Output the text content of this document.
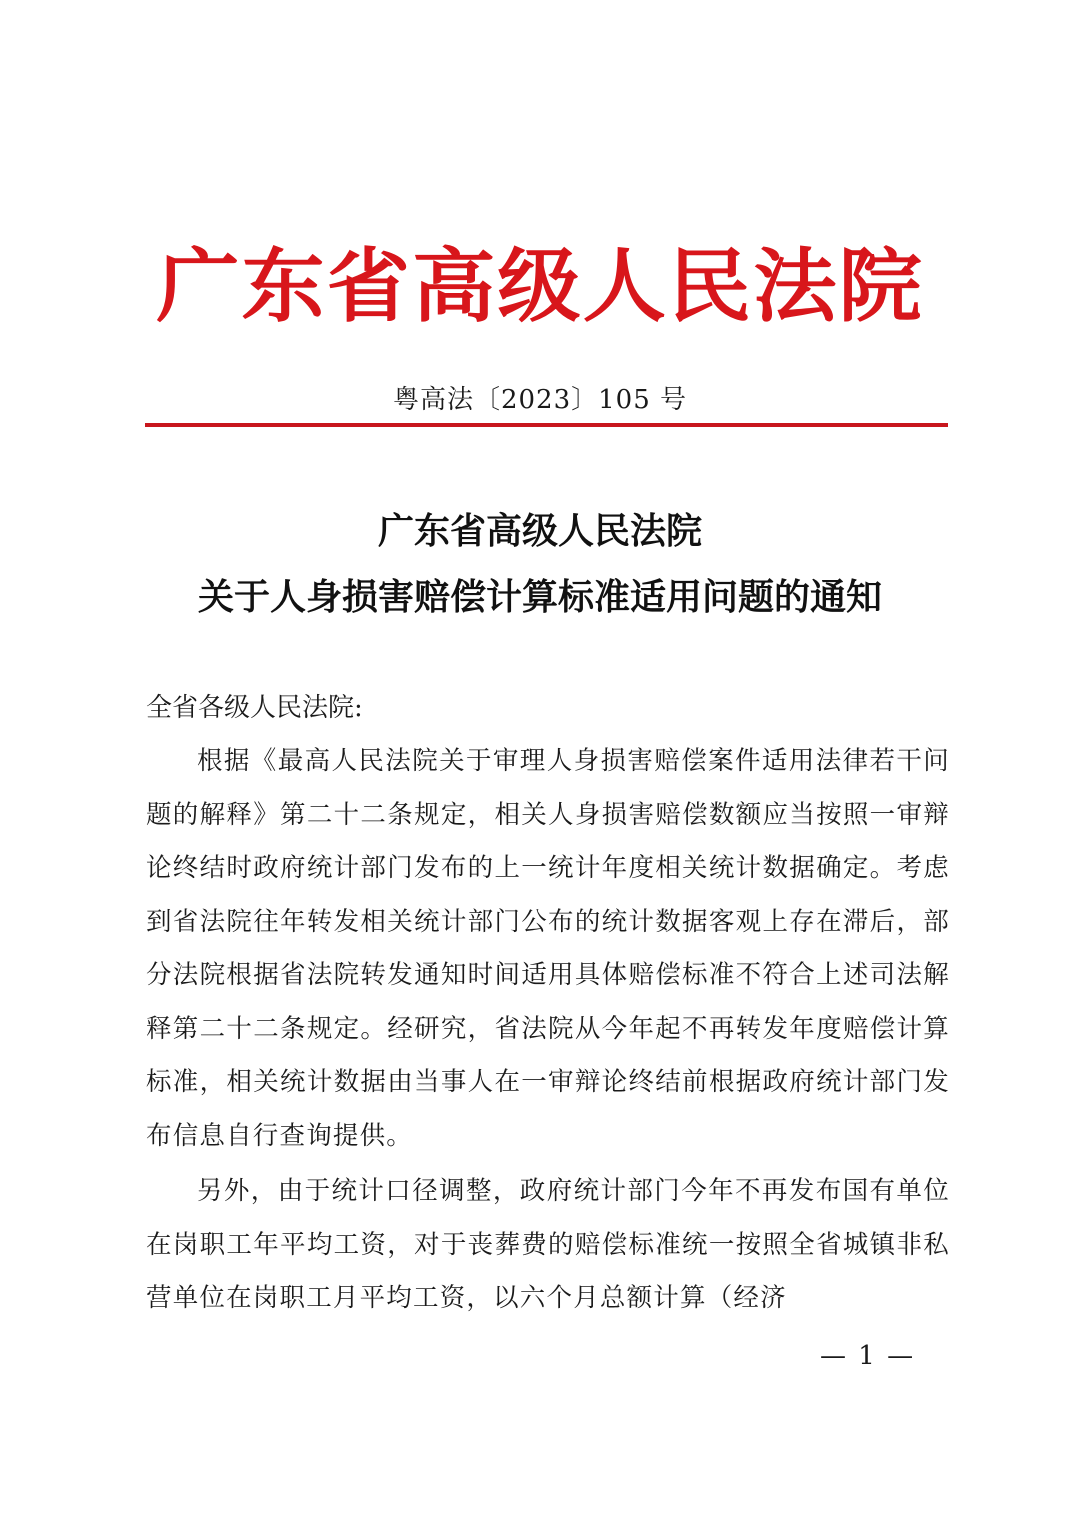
广东省高级人民法院
粤高法〔2023〕105 号
广东省高级人民法院
关于人身损害赔偿计算标准适用问题的通知
全省各级人民法院:

根据《最高人民法院关于审理人身损害赔偿案件适用法律若干问题的解释》第二十二条规定，相关人身损害赔偿数额应当按照一审辩论终结时政府统计部门发布的上一统计年度相关统计数据确定。考虑到省法院往年转发相关统计部门公布的统计数据客观上存在滞后，部分法院根据省法院转发通知时间适用具体赔偿标准不符合上述司法解释第二十二条规定。经研究，省法院从今年起不再转发年度赔偿计算标准，相关统计数据由当事人在一审辩论终结前根据政府统计部门发布信息自行查询提供。

另外，由于统计口径调整，政府统计部门今年不再发布国有单位在岗职工年平均工资，对于丧葬费的赔偿标准统一按照全省城镇非私营单位在岗职工月平均工资，以六个月总额计算（经济

— 1 —
